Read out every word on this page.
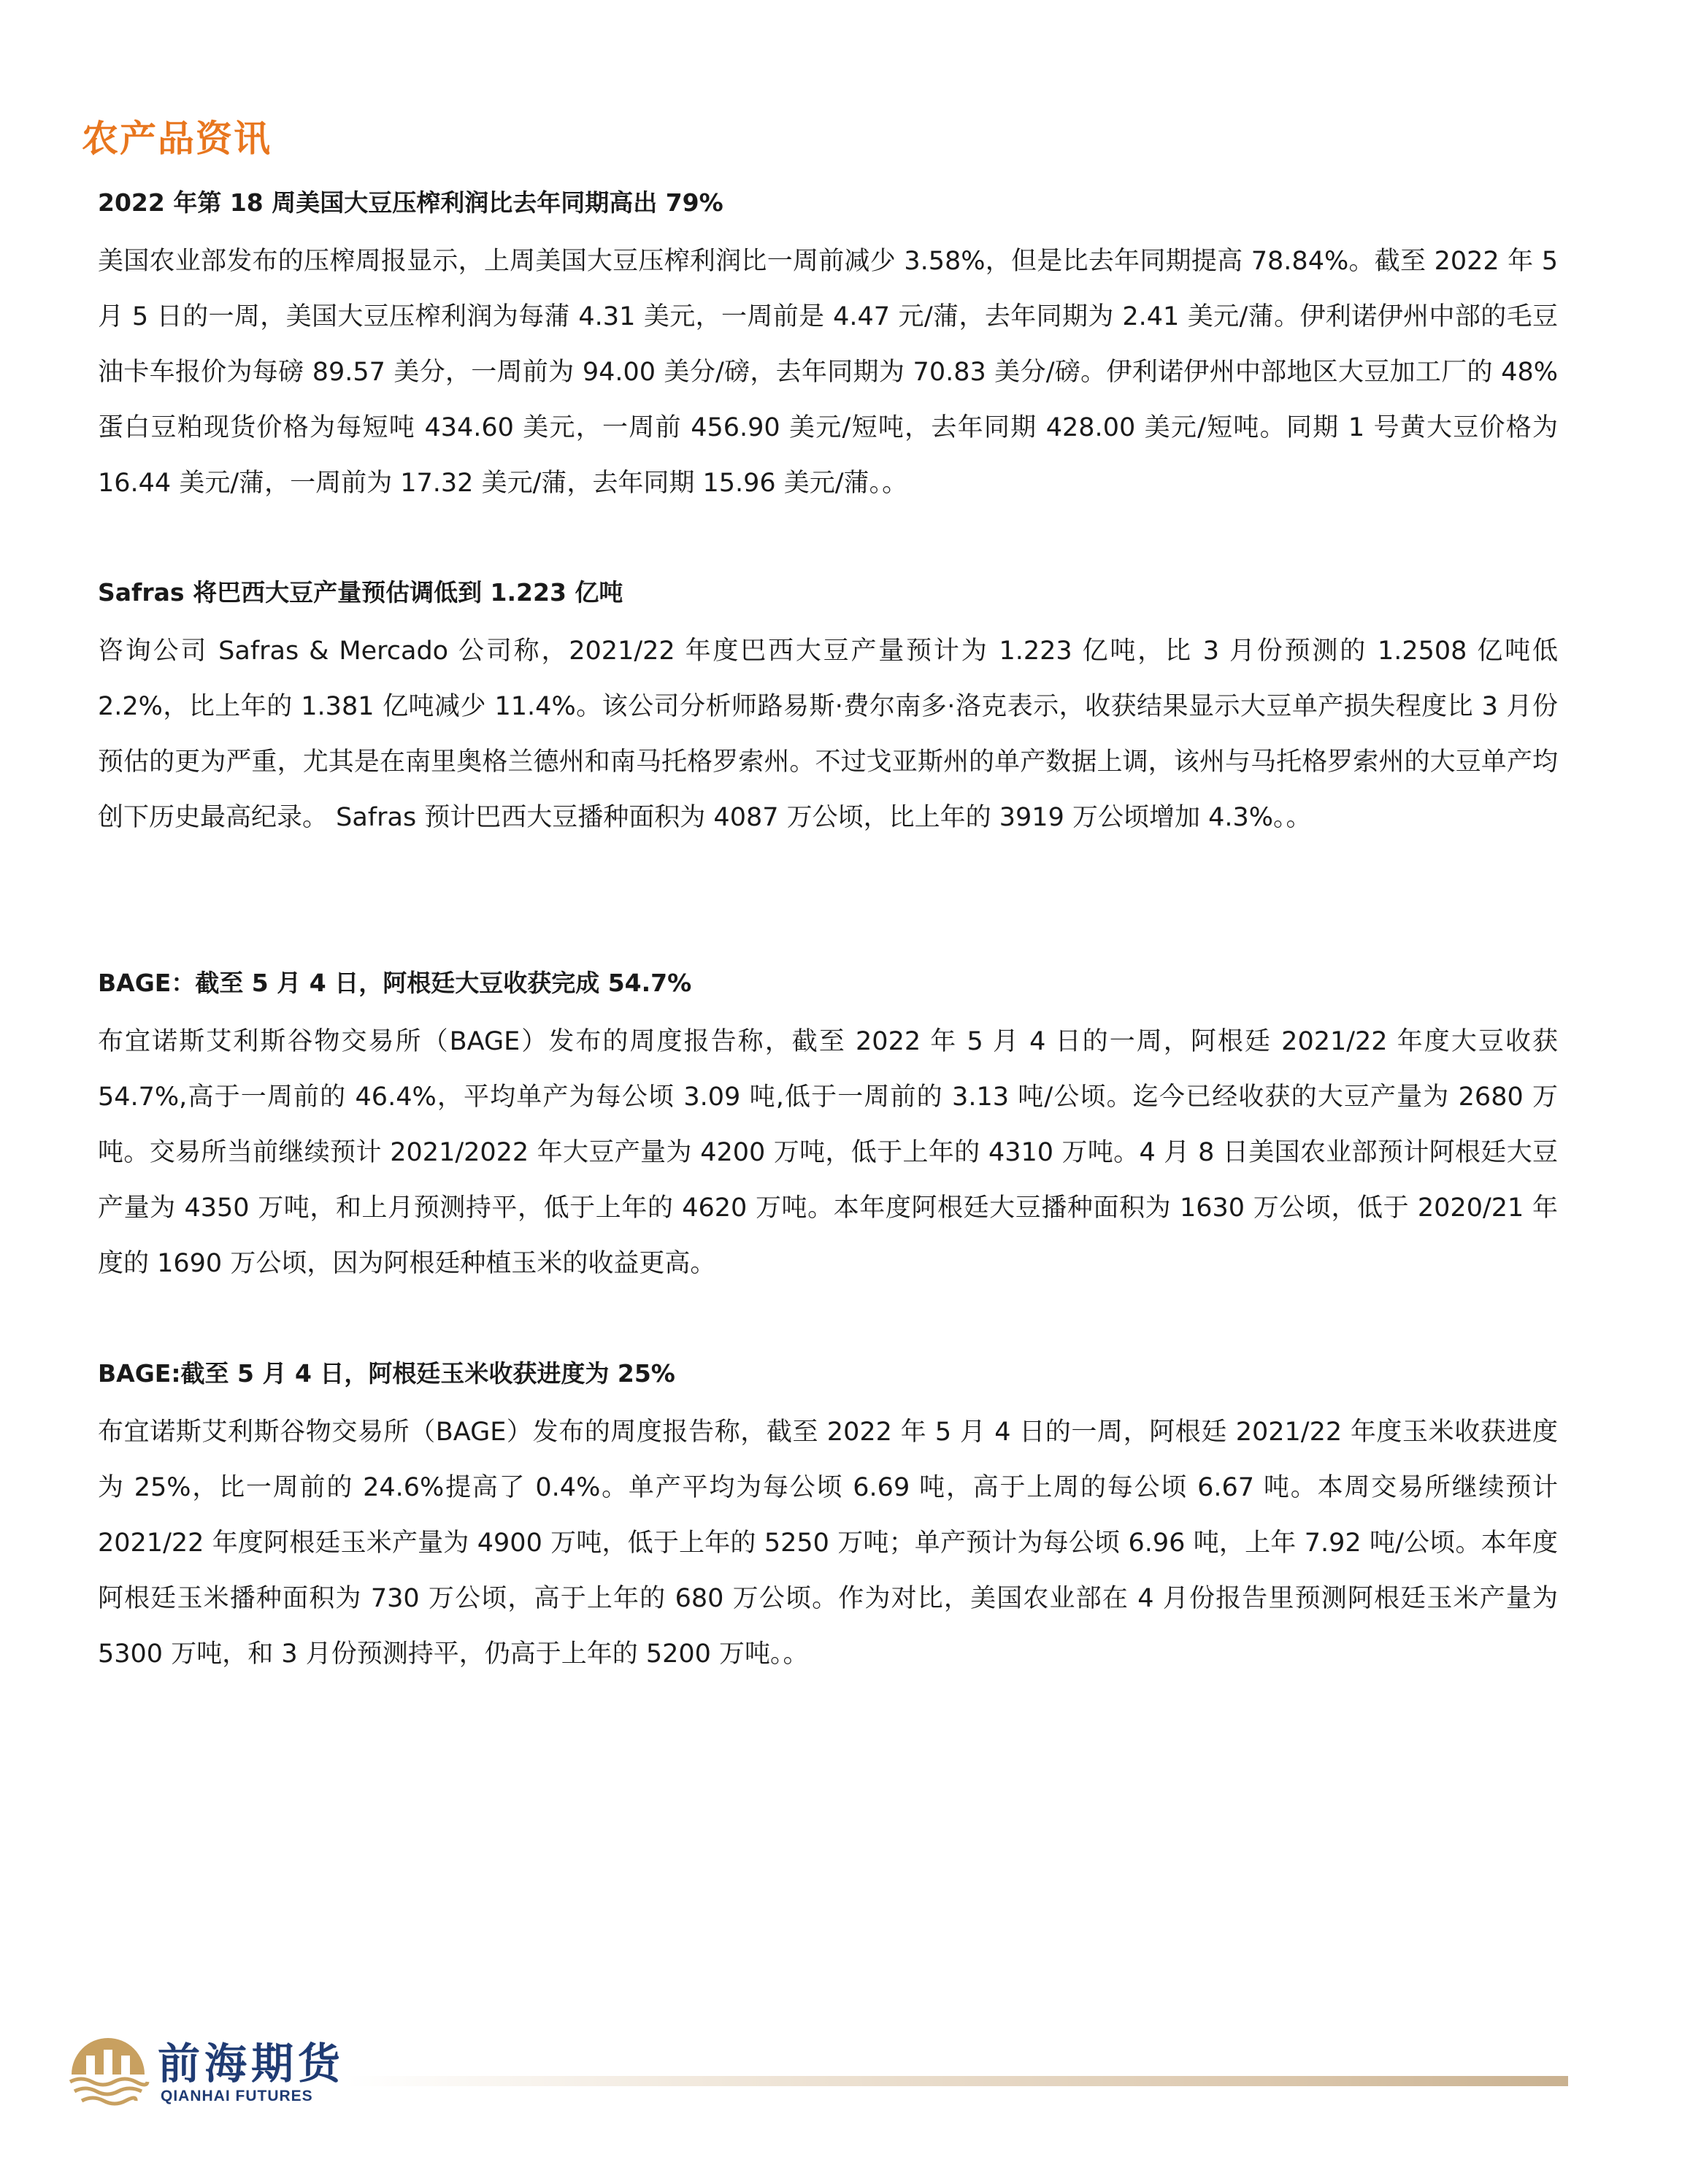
农产品资讯
2022 年第 18 周美国大豆压榨利润比去年同期高出 79%

美国农业部发布的压榨周报显示，上周美国大豆压榨利润比一周前减少 3.58%，但是比去年同期提高 78.84%。截至 2022 年 5 月 5 日的一周，美国大豆压榨利润为每蒲 4.31 美元，一周前是 4.47 元/蒲，去年同期为 2.41 美元/蒲。伊利诺伊州中部的毛豆油卡车报价为每磅 89.57 美分，一周前为 94.00 美分/磅，去年同期为 70.83 美分/磅。伊利诺伊州中部地区大豆加工厂的 48%蛋白豆粕现货价格为每短吨 434.60 美元，一周前 456.90 美元/短吨，去年同期 428.00 美元/短吨。同期 1 号黄大豆价格为 16.44 美元/蒲，一周前为 17.32 美元/蒲，去年同期 15.96 美元/蒲。。

Safras 将巴西大豆产量预估调低到 1.223 亿吨

咨询公司 Safras & Mercado 公司称，2021/22 年度巴西大豆产量预计为 1.223 亿吨，比 3 月份预测的 1.2508 亿吨低 2.2%，比上年的 1.381 亿吨减少 11.4%。该公司分析师路易斯·费尔南多·洛克表示，收获结果显示大豆单产损失程度比 3 月份预估的更为严重，尤其是在南里奥格兰德州和南马托格罗索州。不过戈亚斯州的单产数据上调，该州与马托格罗索州的大豆单产均创下历史最高纪录。 Safras 预计巴西大豆播种面积为 4087 万公顷，比上年的 3919 万公顷增加 4.3%。。

BAGE：截至 5 月 4 日，阿根廷大豆收获完成 54.7%

布宜诺斯艾利斯谷物交易所（BAGE）发布的周度报告称，截至 2022 年 5 月 4 日的一周，阿根廷 2021/22 年度大豆收获 54.7%,高于一周前的 46.4%，平均单产为每公顷 3.09 吨,低于一周前的 3.13 吨/公顷。迄今已经收获的大豆产量为 2680 万吨。交易所当前继续预计 2021/2022 年大豆产量为 4200 万吨，低于上年的 4310 万吨。4 月 8 日美国农业部预计阿根廷大豆产量为 4350 万吨，和上月预测持平，低于上年的 4620 万吨。本年度阿根廷大豆播种面积为 1630 万公顷，低于 2020/21 年度的 1690 万公顷，因为阿根廷种植玉米的收益更高。

BAGE:截至 5 月 4 日，阿根廷玉米收获进度为 25%

布宜诺斯艾利斯谷物交易所（BAGE）发布的周度报告称，截至 2022 年 5 月 4 日的一周，阿根廷 2021/22 年度玉米收获进度为 25%，比一周前的 24.6%提高了 0.4%。单产平均为每公顷 6.69 吨，高于上周的每公顷 6.67 吨。本周交易所继续预计 2021/22 年度阿根廷玉米产量为 4900 万吨，低于上年的 5250 万吨；单产预计为每公顷 6.96 吨，上年 7.92 吨/公顷。本年度阿根廷玉米播种面积为 730 万公顷，高于上年的 680 万公顷。作为对比，美国农业部在 4 月份报告里预测阿根廷玉米产量为 5300 万吨，和 3 月份预测持平，仍高于上年的 5200 万吨。。

前海期货
QIANHAI FUTURES
